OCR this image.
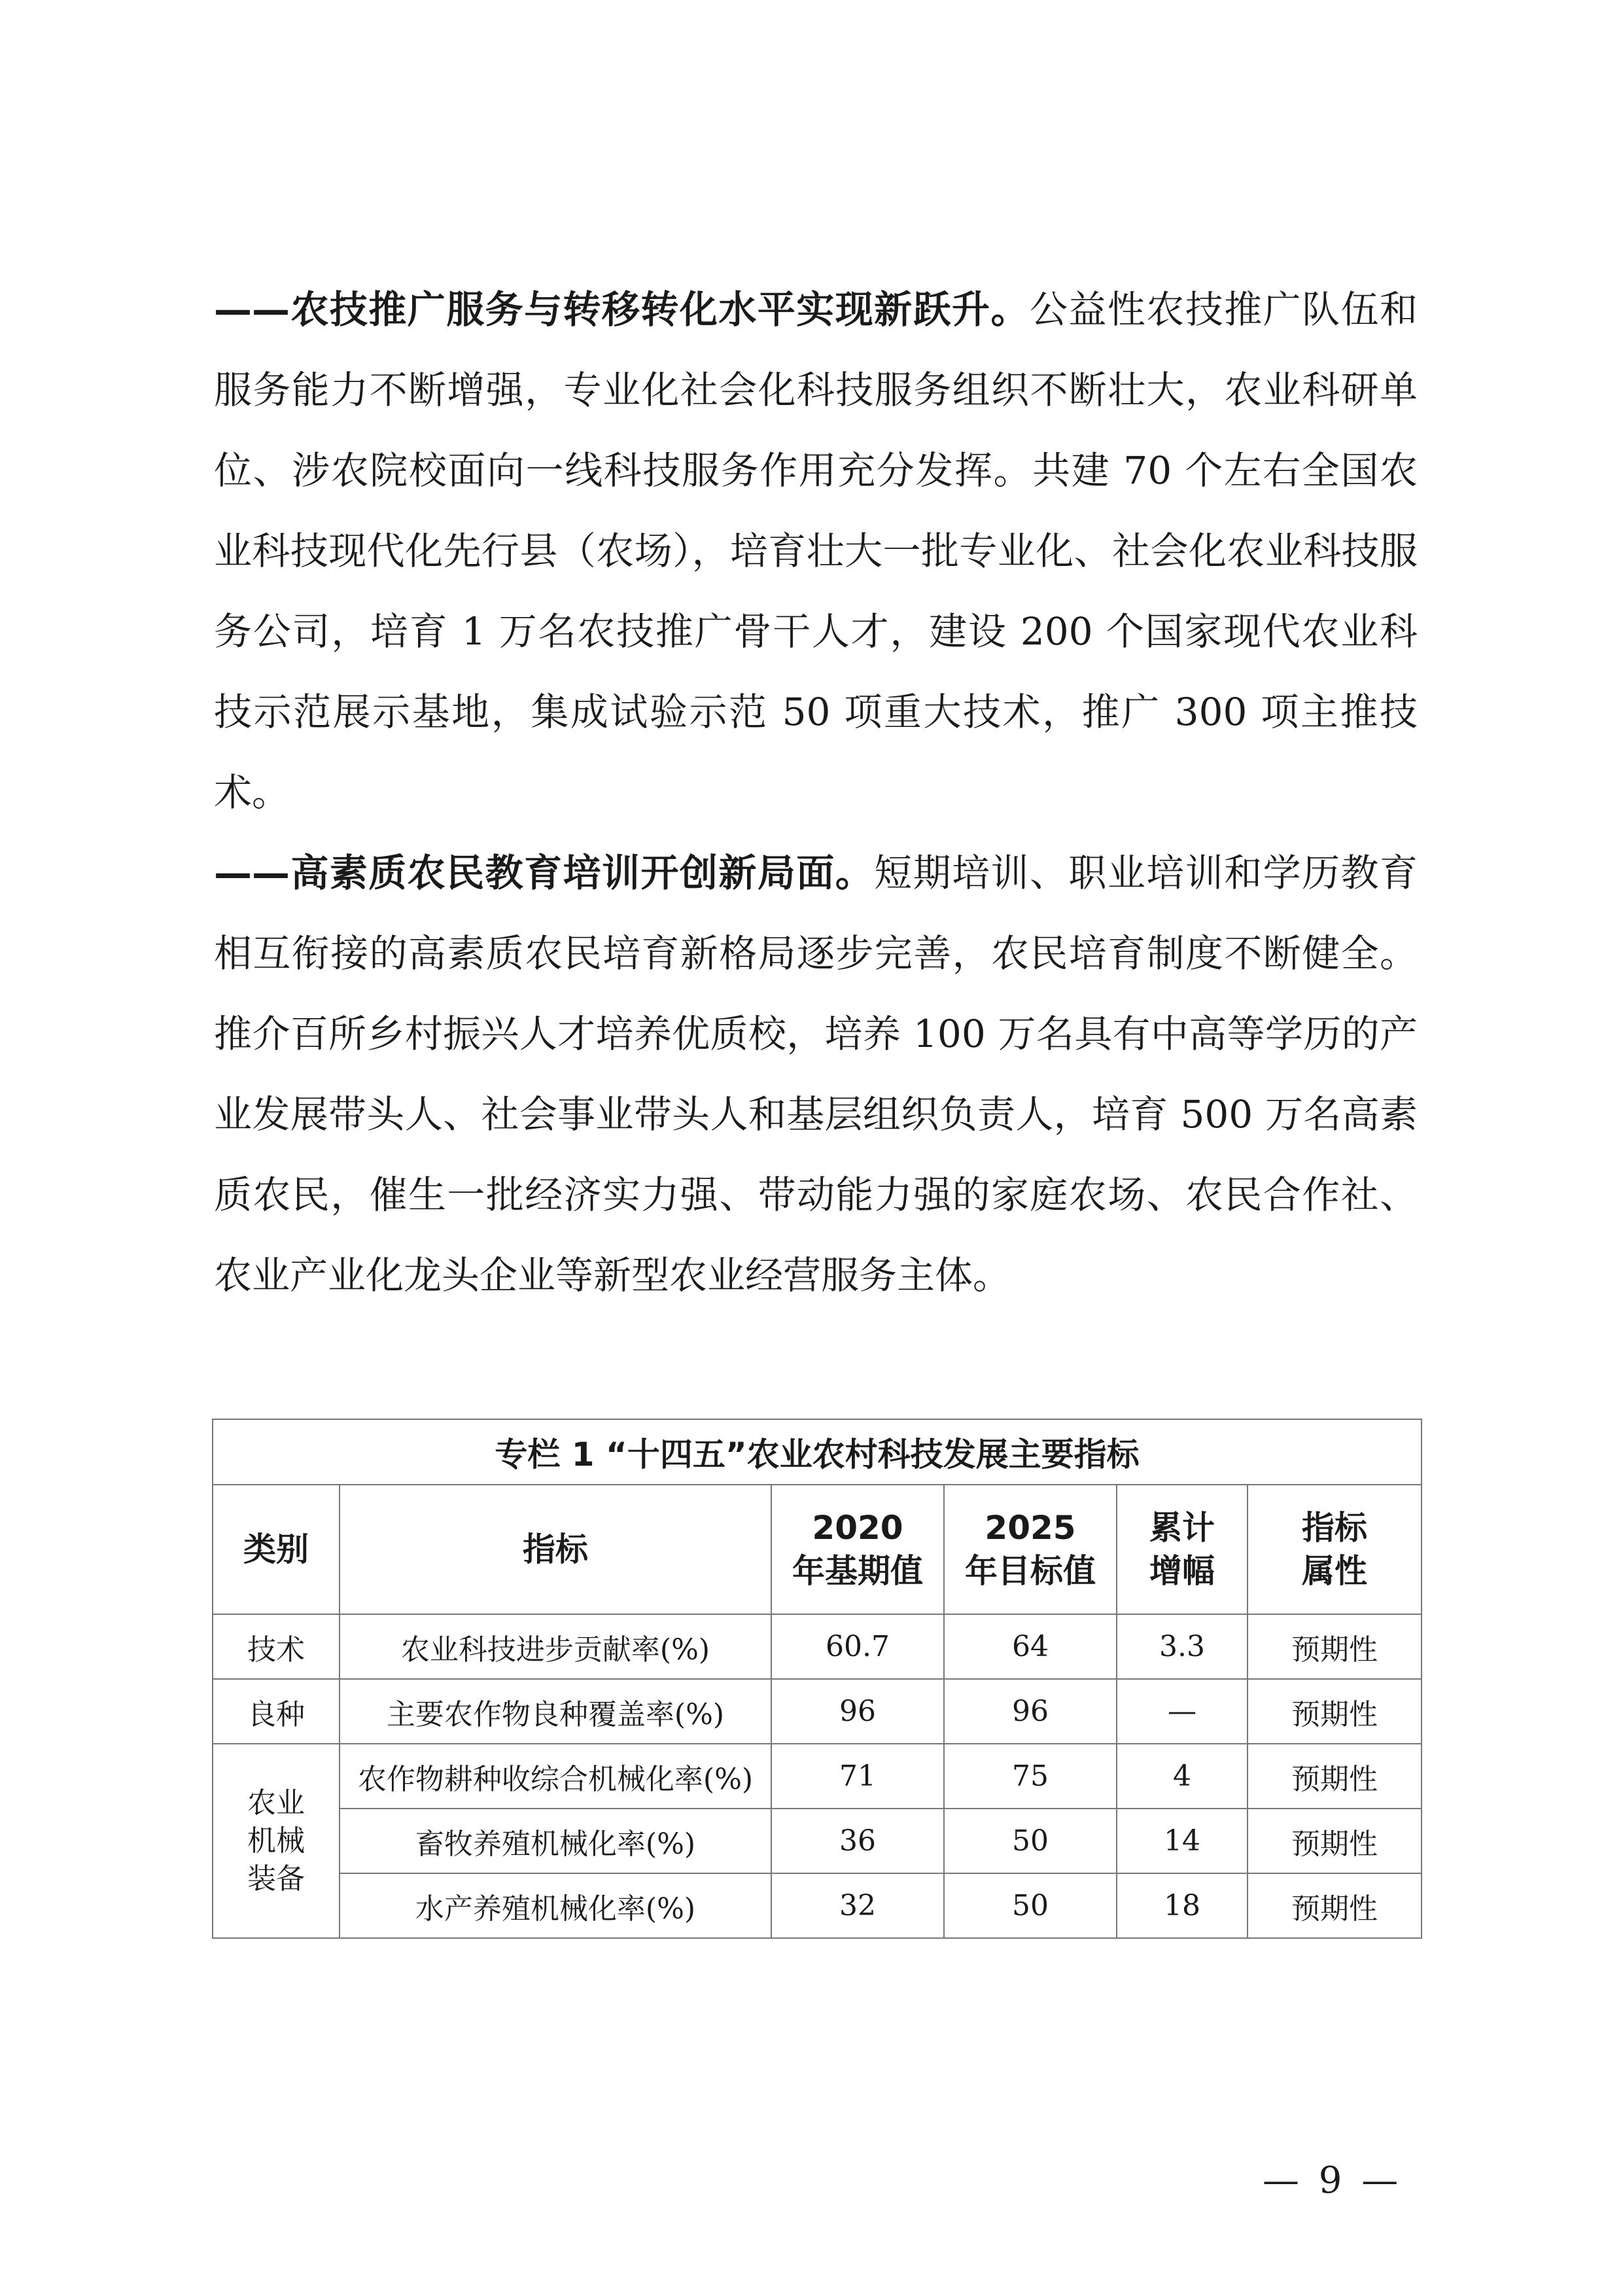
——农技推广服务与转移转化水平实现新跃升。公益性农技推广队伍和服务能力不断增强，专业化社会化科技服务组织不断壮大，农业科研单位、涉农院校面向一线科技服务作用充分发挥。共建 70 个左右全国农业科技现代化先行县（农场），培育壮大一批专业化、社会化农业科技服务公司，培育 1 万名农技推广骨干人才，建设 200 个国家现代农业科技示范展示基地，集成试验示范 50 项重大技术，推广 300 项主推技术。

——高素质农民教育培训开创新局面。短期培训、职业培训和学历教育相互衔接的高素质农民培育新格局逐步完善，农民培育制度不断健全。推介百所乡村振兴人才培养优质校，培养 100 万名具有中高等学历的产业发展带头人、社会事业带头人和基层组织负责人，培育 500 万名高素质农民，催生一批经济实力强、带动能力强的家庭农场、农民合作社、农业产业化龙头企业等新型农业经营服务主体。

专栏 1 “十四五”农业农村科技发展主要指标					
类别	指标	2020 年基期值	2025 年目标值	累计增幅	指标属性

技术	农业科技进步贡献率(%)	60.7	64	3.3	预期性
良种	主要农作物良种覆盖率(%)	96	96	—	预期性

农业机械装备	农作物耕种收综合机械化率(%)	71	75	4	预期性
	畜牧养殖机械化率(%)	36	50	14	预期性
	水产养殖机械化率(%)	32	50	18	预期性
— 9 —
